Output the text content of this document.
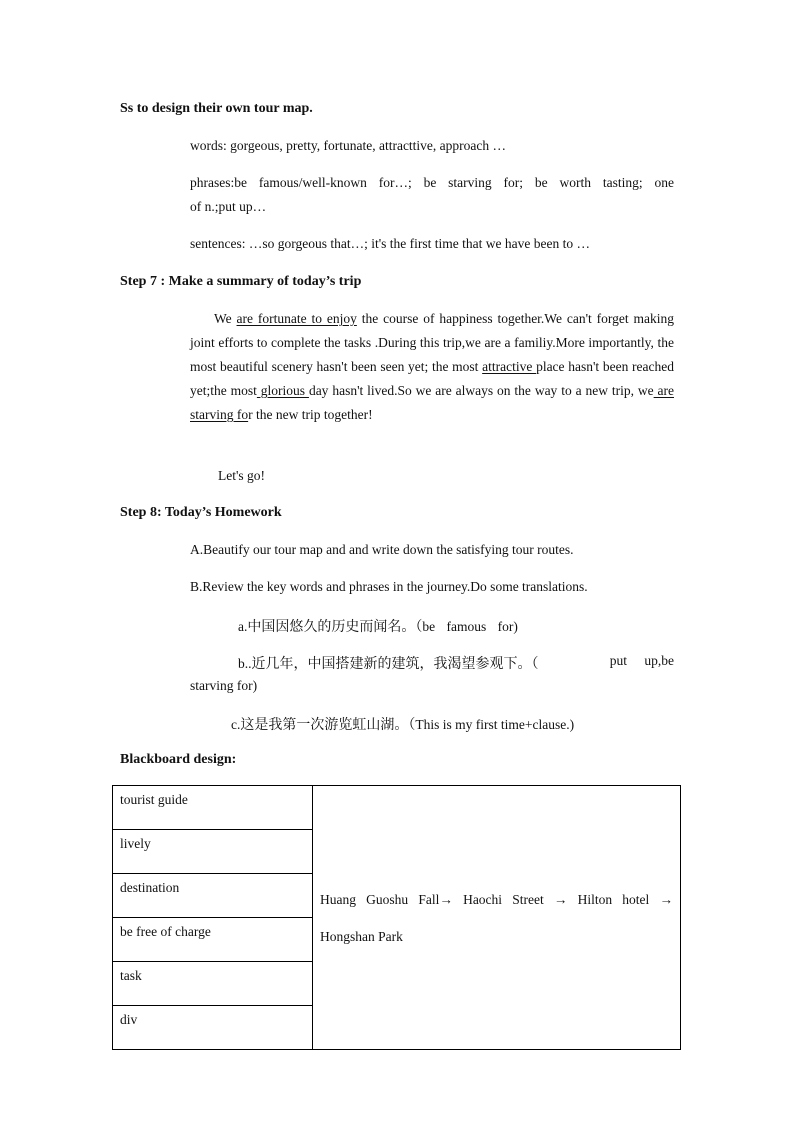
Ss to design their own tour map.
words: gorgeous, pretty, fortunate, attracttive, approach …
phrases:be famous/well-known for…; be starving for; be worth tasting; one
of n.;put up…
sentences: …so gorgeous that…; it's the first time that we have been to …
Step 7 : Make a summary of today’s trip
We are fortunate to enjoy the course of happiness together.We can't forget making joint efforts to complete the tasks .During this trip,we are a familiy.More importantly, the most beautiful scenery hasn't been seen yet; the most attractive place hasn't been reached yet;the most glorious day hasn't lived.So we are always on the way to a new trip, we are starving for the new trip together!
Let's go!
Step 8: Today’s Homework
A.Beautify our tour map and and write down the satisfying tour routes.
B.Review the key words and phrases in the journey.Do some translations.
a.中国因悠久的历史而闻名。（be famous for)
b..近几年，中国搭建新的建筑，我渴望参观下。（	put up,be
starving for)
c.这是我第一次游览虹山湖。（This is my first time+clause.)
Blackboard design:
tourist guide	
Huang Guoshu Fall→ Haochi Street → Hilton hotel →
Hongshan Park

lively
destination
be free of charge
task
div
